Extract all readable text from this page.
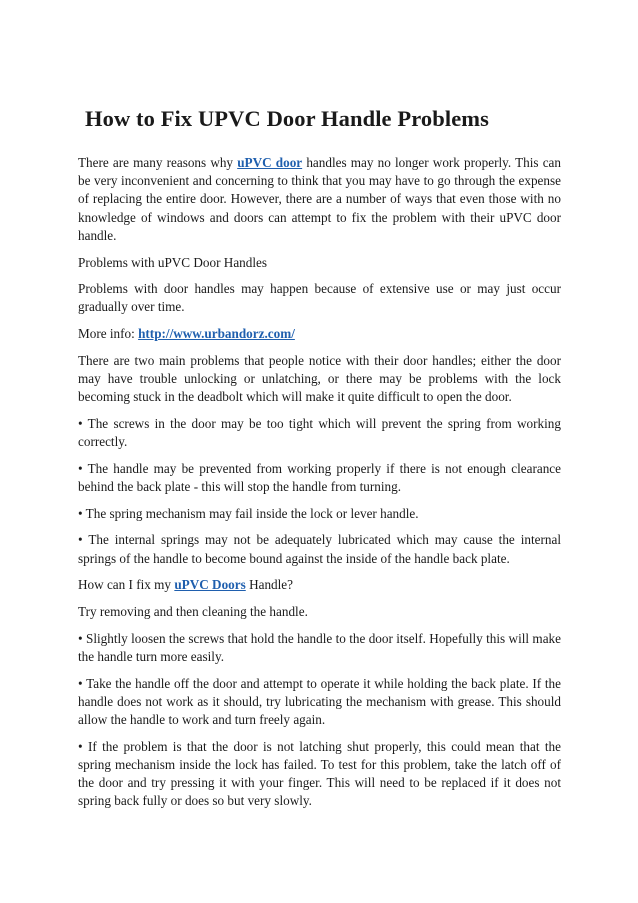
How to Fix UPVC Door Handle Problems

There are many reasons why uPVC door handles may no longer work properly. This can be very inconvenient and concerning to think that you may have to go through the expense of replacing the entire door. However, there are a number of ways that even those with no knowledge of windows and doors can attempt to fix the problem with their uPVC door handle.

Problems with uPVC Door Handles

Problems with door handles may happen because of extensive use or may just occur gradually over time.

More info: http://www.urbandorz.com/

There are two main problems that people notice with their door handles; either the door may have trouble unlocking or unlatching, or there may be problems with the lock becoming stuck in the deadbolt which will make it quite difficult to open the door.

• The screws in the door may be too tight which will prevent the spring from working correctly.

• The handle may be prevented from working properly if there is not enough clearance behind the back plate - this will stop the handle from turning.

• The spring mechanism may fail inside the lock or lever handle.

• The internal springs may not be adequately lubricated which may cause the internal springs of the handle to become bound against the inside of the handle back plate.

How can I fix my uPVC Doors Handle?

Try removing and then cleaning the handle.

• Slightly loosen the screws that hold the handle to the door itself. Hopefully this will make the handle turn more easily.

• Take the handle off the door and attempt to operate it while holding the back plate. If the handle does not work as it should, try lubricating the mechanism with grease. This should allow the handle to work and turn freely again.

• If the problem is that the door is not latching shut properly, this could mean that the spring mechanism inside the lock has failed. To test for this problem, take the latch off of the door and try pressing it with your finger. This will need to be replaced if it does not spring back fully or does so but very slowly.
